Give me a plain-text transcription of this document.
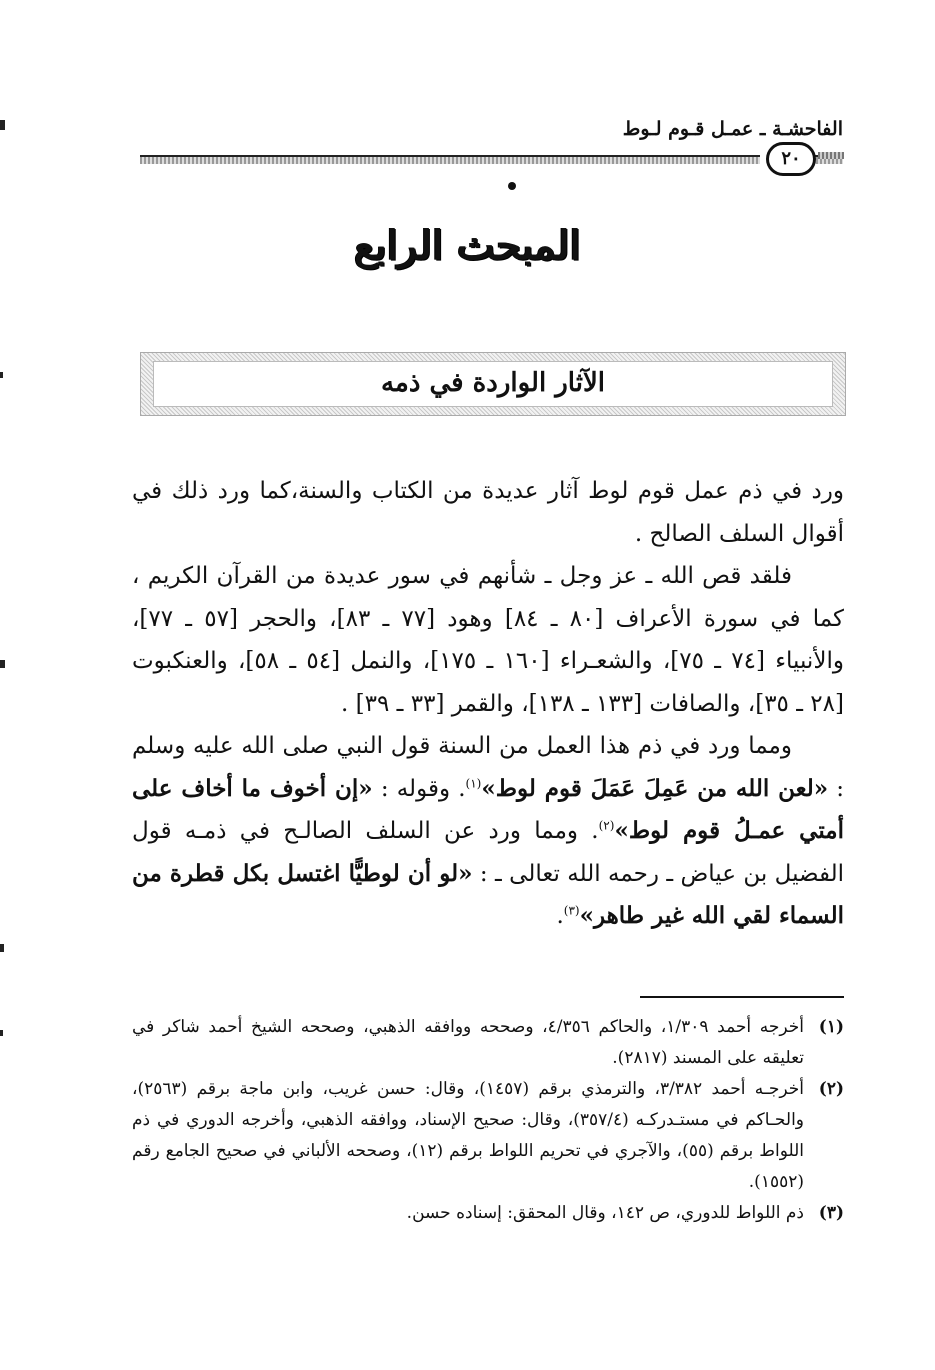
الفاحشـة ـ عمـل قـوم لـوط
٢٠
المبحث الرابع
الآثار الواردة في ذمه

ورد في ذم عمل قوم لوط آثار عديدة من الكتاب والسنة،كما ورد ذلك في أقوال السلف الصالح .

فلقد قص الله ـ عز وجل ـ شأنهم في سور عديدة من القرآن الكريم ، كما في سورة الأعراف [٨٠ ـ ٨٤] وهود [٧٧ ـ ٨٣]، والحجر [٥٧ ـ ٧٧]، والأنبياء [٧٤ ـ ٧٥]، والشعـراء [١٦٠ ـ ١٧٥]، والنمل [٥٤ ـ ٥٨]، والعنكبوت [٢٨ ـ ٣٥]، والصافات [١٣٣ ـ ١٣٨]، والقمر [٣٣ ـ ٣٩] .

ومما ورد في ذم هذا العمل من السنة قول النبي صلى الله عليه وسلم : «لعن الله من عَمِلَ عَمَلَ قوم لوط»$^{(١)}$. وقوله : «إن أخوف ما أخاف على أمتي عمـلُ قوم لوط»$^{(٢)}$. ومما ورد عن السلف الصالـح في ذمـه قول الفضيل بن عياض ـ رحمه الله تعالى ـ : «لو أن لوطيًّا اغتسل بكل قطرة من السماء لقي الله غير طاهر»$^{(٣)}$.

(١)
أخرجه أحمد ١/٣٠٩، والحاكم ٤/٣٥٦، وصححه ووافقه الذهبي، وصححه الشيخ أحمد شاكر في تعليقه على المسند (٢٨١٧).
(٢)
أخرجـه أحمد ٣/٣٨٢، والترمذي برقم (١٤٥٧)، وقال: حسن غريب، وابن ماجة برقم (٢٥٦٣)، والحـاكم في مستـدركـه (٣٥٧/٤)، وقال: صحيح الإسناد، ووافقه الذهبي، وأخرجه الدوري في ذم اللواط برقم (٥٥)، والآجري في تحريم اللواط برقم (١٢)، وصححه الألباني في صحيح الجامع رقم (١٥٥٢).
(٣)
ذم اللواط للدوري، ص ١٤٢، وقال المحقق: إسناده حسن.
